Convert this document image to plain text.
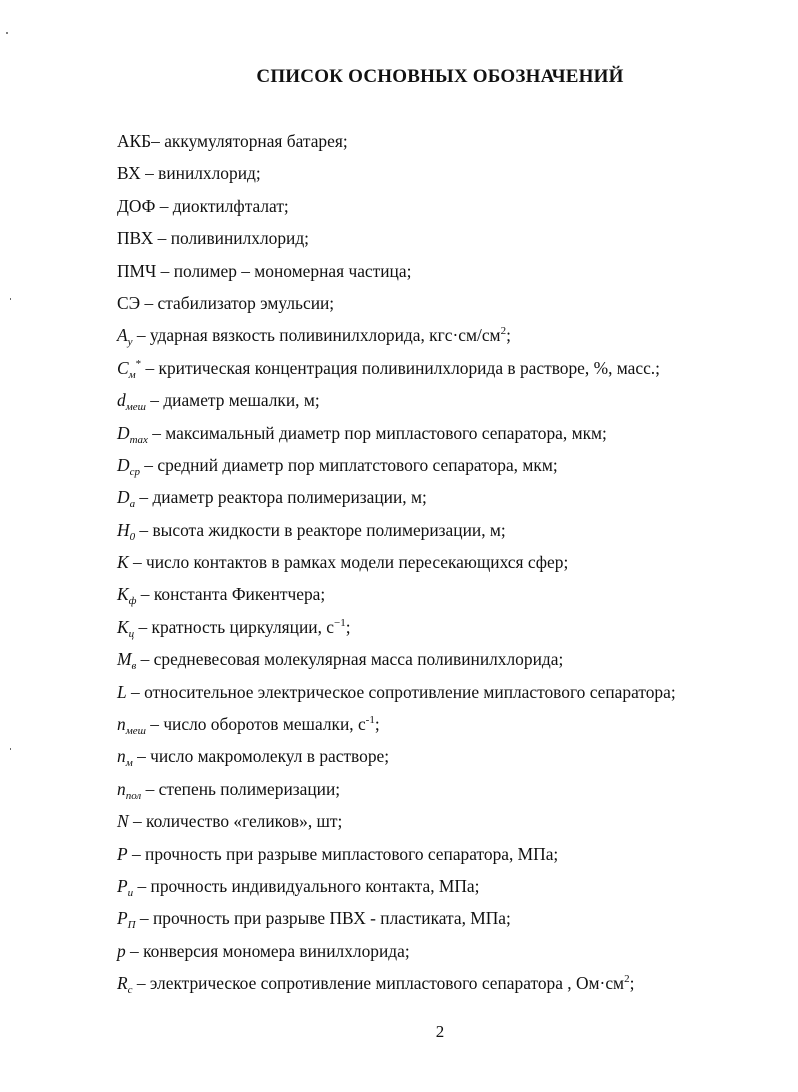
СПИСОК ОСНОВНЫХ ОБОЗНАЧЕНИЙ
АКБ– аккумуляторная батарея;
ВХ – винилхлорид;
ДОФ – диоктилфталат;
ПВХ – поливинилхлорид;
ПМЧ – полимер – мономерная частица;
СЭ – стабилизатор эмульсии;
$A_y$ – ударная вязкость поливинилхлорида, $кгс\cdot см/см^2$;
$C_м^*$ – критическая концентрация поливинилхлорида в растворе, %, масс.;
$d_{меш}$ – диаметр мешалки, м;
$D_{max}$ – максимальный диаметр пор мипластового сепаратора, мкм;
$D_{ср}$ – средний диаметр пор миплатстового сепаратора, мкм;
$D_a$ – диаметр реактора полимеризации, м;
$H_0$ – высота жидкости в реакторе полимеризации, м;
K – число контактов в рамках модели пересекающихся сфер;
$K_ф$ – константа Фикентчера;
$K_ц$ – кратность циркуляции, $с^{-1}$;
$M_в$ – средневесовая молекулярная масса поливинилхлорида;
L – относительное электрическое сопротивление мипластового сепаратора;
$n_{меш}$ – число оборотов мешалки, $с^{-1}$;
$n_м$ – число макромолекул в растворе;
$n_{пол}$ – степень полимеризации;
N – количество «геликов», шт;
P – прочность при разрыве мипластового сепаратора, МПа;
$P_и$ – прочность индивидуального контакта, МПа;
$P_П$ – прочность при разрыве ПВХ - пластиката, МПа;
p – конверсия мономера винилхлорида;
$R_c$ – электрическое сопротивление мипластового сепаратора , $Ом\cdot см^2$;
2
